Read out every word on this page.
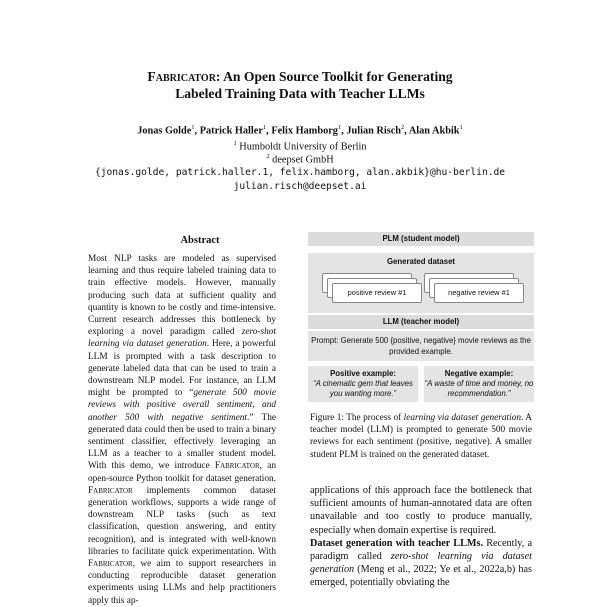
Fabricator: An Open Source Toolkit for Generating
Labeled Training Data with Teacher LLMs
Jonas Golde$^1$, Patrick Haller$^1$, Felix Hamborg$^1$, Julian Risch$^2$, Alan Akbik$^1$
$^1$ Humboldt University of Berlin
$^2$ deepset GmbH
{jonas.golde, patrick.haller.1, felix.hamborg, alan.akbik}@hu-berlin.de
julian.risch@deepset.ai
Abstract

Most NLP tasks are modeled as supervised learning and thus require labeled training data to train effective models. However, manually producing such data at sufficient quality and quantity is known to be costly and time-intensive. Current research addresses this bottleneck by exploring a novel paradigm called zero-shot learning via dataset generation. Here, a powerful LLM is prompted with a task description to generate labeled data that can be used to train a downstream NLP model. For instance, an LLM might be prompted to “generate 500 movie reviews with positive overall sentiment, and another 500 with negative sentiment.” The generated data could then be used to train a binary sentiment classifier, effectively leveraging an LLM as a teacher to a smaller student model. With this demo, we introduce Fabricator, an open-source Python toolkit for dataset generation. Fabricator implements common dataset generation workflows, supports a wide range of downstream NLP tasks (such as text classification, question answering, and entity recognition), and is integrated with well-known libraries to facilitate quick experimentation. With Fabricator, we aim to support researchers in conducting reproducible dataset generation experiments using LLMs and help practitioners apply this ap-

PLM (student model)
Generated dataset
positive review #1	negative review #1
LLM (teacher model)
Prompt: Generate 500 {positive, negative} movie reviews as the provided example.
Positive example:
“A cinematic gem that leaves you wanting more.”
Negative example:
“A waste of time and money, no recommendation.”
Figure 1: The process of learning via dataset generation. A teacher model (LLM) is prompted to generate 500 movie reviews for each sentiment (positive, negative). A smaller student PLM is trained on the generated dataset.

applications of this approach face the bottleneck that sufficient amounts of human-annotated data are often unavailable and too costly to produce manually, especially when domain expertise is required.

Dataset generation with teacher LLMs. Recently, a paradigm called zero-shot learning via dataset generation (Meng et al., 2022; Ye et al., 2022a,b) has emerged, potentially obviating the
